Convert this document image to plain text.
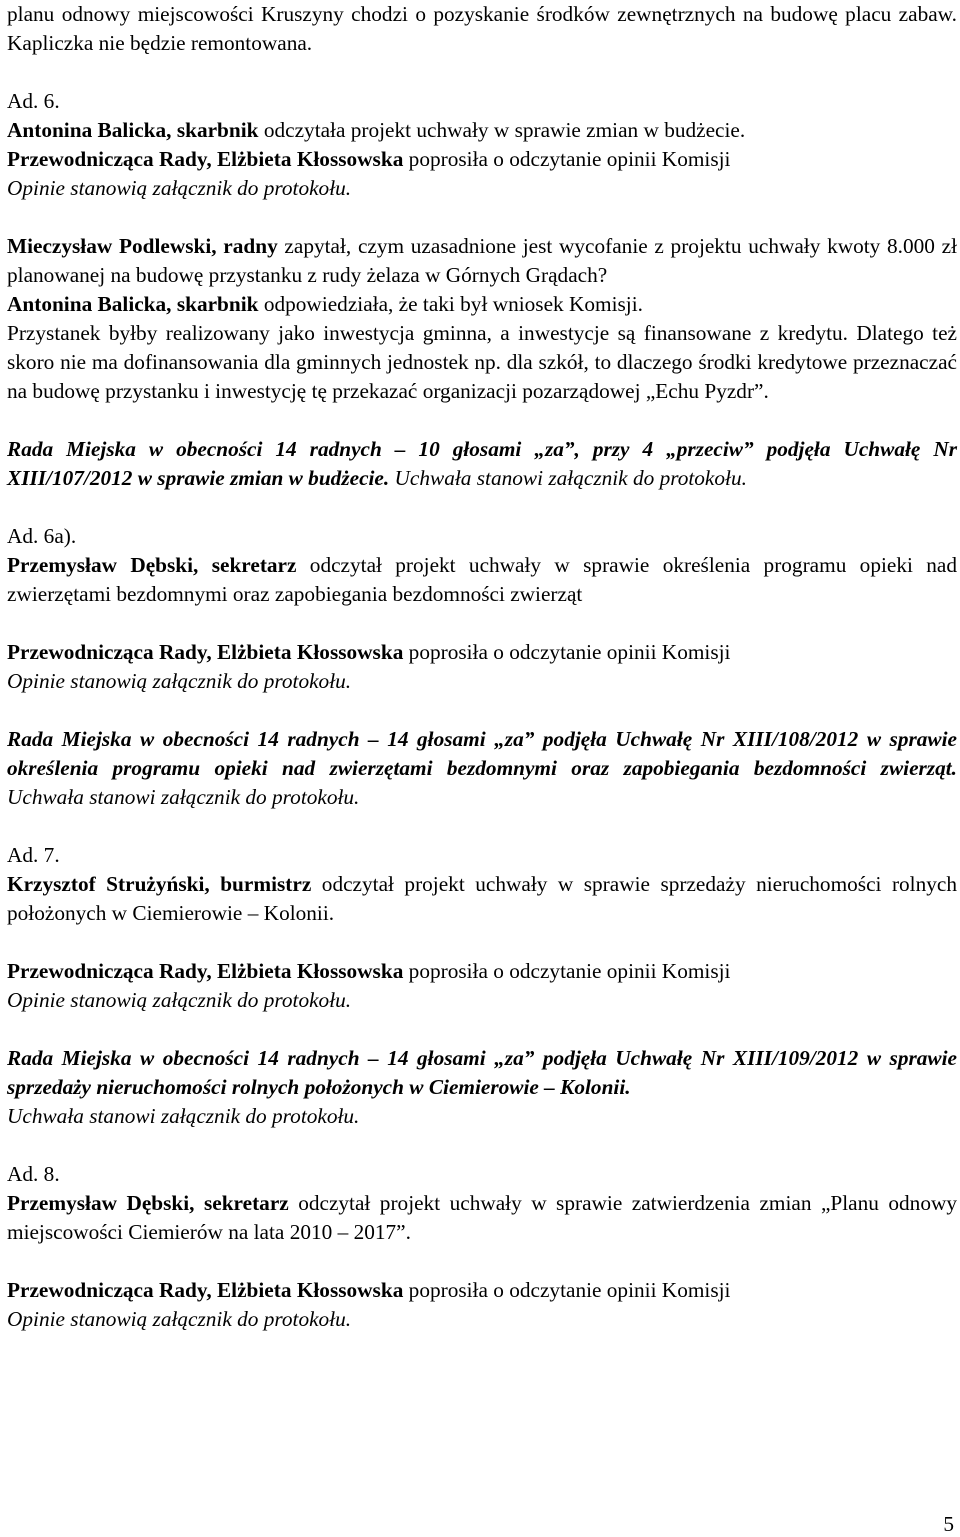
planu odnowy miejscowości Kruszyny chodzi o pozyskanie środków zewnętrznych na budowę placu zabaw. Kapliczka nie będzie remontowana.

Ad. 6.
Antonina Balicka, skarbnik odczytała projekt uchwały w sprawie zmian w budżecie.
Przewodnicząca Rady, Elżbieta Kłossowska poprosiła o odczytanie opinii Komisji
Opinie stanowią załącznik do protokołu.

Mieczysław Podlewski, radny zapytał, czym uzasadnione jest wycofanie z projektu uchwały kwoty 8.000 zł planowanej na budowę przystanku z rudy żelaza w Górnych Grądach?
Antonina Balicka, skarbnik odpowiedziała, że taki był wniosek Komisji.
Przystanek byłby realizowany jako inwestycja gminna, a inwestycje są finansowane z kredytu. Dlatego też skoro nie ma dofinansowania dla gminnych jednostek np. dla szkół, to dlaczego środki kredytowe przeznaczać na budowę przystanku i inwestycję tę przekazać organizacji pozarządowej „Echu Pyzdr”.

Rada Miejska w obecności 14 radnych – 10 głosami „za”, przy 4 „przeciw” podjęła Uchwałę Nr XIII/107/2012 w sprawie zmian w budżecie. Uchwała stanowi załącznik do protokołu.

Ad. 6a).
Przemysław Dębski, sekretarz odczytał projekt uchwały w sprawie określenia programu opieki nad zwierzętami bezdomnymi oraz zapobiegania bezdomności zwierząt

Przewodnicząca Rady, Elżbieta Kłossowska poprosiła o odczytanie opinii Komisji
Opinie stanowią załącznik do protokołu.

Rada Miejska w obecności 14 radnych – 14 głosami „za” podjęła Uchwałę Nr XIII/108/2012 w sprawie określenia programu opieki nad zwierzętami bezdomnymi oraz zapobiegania bezdomności zwierząt. Uchwała stanowi załącznik do protokołu.

Ad. 7.
Krzysztof Strużyński, burmistrz odczytał projekt uchwały w sprawie sprzedaży nieruchomości rolnych położonych w Ciemierowie – Kolonii.

Przewodnicząca Rady, Elżbieta Kłossowska poprosiła o odczytanie opinii Komisji
Opinie stanowią załącznik do protokołu.

Rada Miejska w obecności 14 radnych – 14 głosami „za” podjęła Uchwałę Nr XIII/109/2012 w sprawie sprzedaży nieruchomości rolnych położonych w Ciemierowie – Kolonii.
Uchwała stanowi załącznik do protokołu.

Ad. 8.
Przemysław Dębski, sekretarz odczytał projekt uchwały w sprawie zatwierdzenia zmian „Planu odnowy miejscowości Ciemierów na lata 2010 – 2017”.

Przewodnicząca Rady, Elżbieta Kłossowska poprosiła o odczytanie opinii Komisji
Opinie stanowią załącznik do protokołu.
5
